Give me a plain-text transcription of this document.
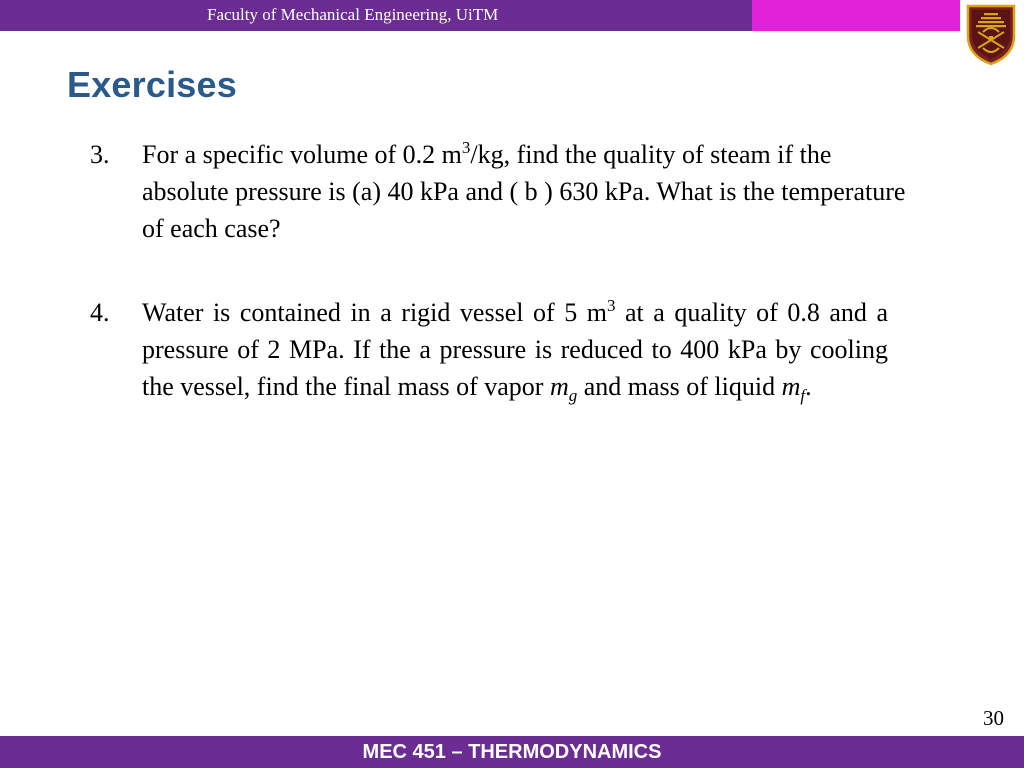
Faculty of Mechanical Engineering, UiTM
Exercises
3. For a specific volume of 0.2 $m^3/kg$, find the quality of steam if the absolute pressure is (a) 40 kPa and ( b ) 630 kPa. What is the temperature of each case?
4. Water is contained in a rigid vessel of 5 $m^3$ at a quality of 0.8 and a pressure of 2 MPa. If the a pressure is reduced to 400 kPa by cooling the vessel, find the final mass of vapor $m_g$ and mass of liquid $m_f$.
30
MEC 451 – THERMODYNAMICS
